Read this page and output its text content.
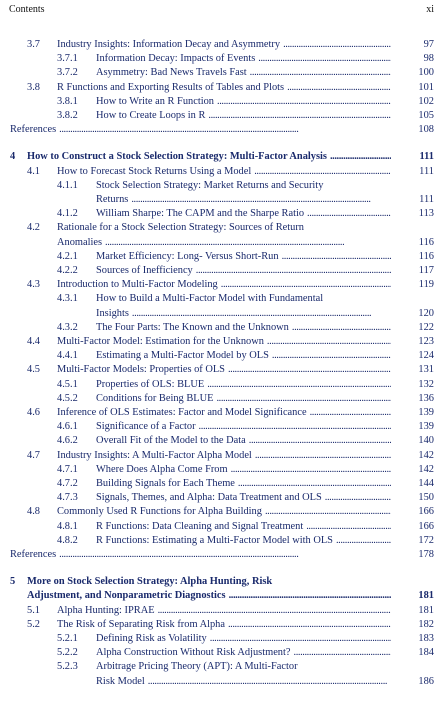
Contents	xi
3.7 Industry Insights: Information Decay and Asymmetry . . .	97
3.7.1 Information Decay: Impacts of Events . . .	98
3.7.2 Asymmetry: Bad News Travels Fast . . .	100
3.8 R Functions and Exporting Results of Tables and Plots . . .	101
3.8.1 How to Write an R Function . . .	102
3.8.2 How to Create Loops in R . . .	105
References . . .	108
4 How to Construct a Stock Selection Strategy: Multi-Factor Analysis . . .	111
4.1 How to Forecast Stock Returns Using a Model . . .	111
4.1.1 Stock Selection Strategy: Market Returns and Security
Returns . . .	111
4.1.2 William Sharpe: The CAPM and the Sharpe Ratio . . .	113
4.2 Rationale for a Stock Selection Strategy: Sources of Return
Anomalies . . .	116
4.2.1 Market Efficiency: Long- Versus Short-Run . . .	116
4.2.2 Sources of Inefficiency . . .	117
4.3 Introduction to Multi-Factor Modeling . . .	119
4.3.1 How to Build a Multi-Factor Model with Fundamental
Insights . . .	120
4.3.2 The Four Parts: The Known and the Unknown . . .	122
4.4 Multi-Factor Model: Estimation for the Unknown . . .	123
4.4.1 Estimating a Multi-Factor Model by OLS . . .	124
4.5 Multi-Factor Models: Properties of OLS . . .	131
4.5.1 Properties of OLS: BLUE . . .	132
4.5.2 Conditions for Being BLUE . . .	136
4.6 Inference of OLS Estimates: Factor and Model Significance . . .	139
4.6.1 Significance of a Factor . . .	139
4.6.2 Overall Fit of the Model to the Data . . .	140
4.7 Industry Insights: A Multi-Factor Alpha Model . . .	142
4.7.1 Where Does Alpha Come From . . .	142
4.7.2 Building Signals for Each Theme . . .	144
4.7.3 Signals, Themes, and Alpha: Data Treatment and OLS . . .	150
4.8 Commonly Used R Functions for Alpha Building . . .	166
4.8.1 R Functions: Data Cleaning and Signal Treatment . . .	166
4.8.2 R Functions: Estimating a Multi-Factor Model with OLS . . .	172
References . . .	178
5 More on Stock Selection Strategy: Alpha Hunting, Risk
Adjustment, and Nonparametric Diagnostics . . .	181
5.1 Alpha Hunting: IPRAE . . .	181
5.2 The Risk of Separating Risk from Alpha . . .	182
5.2.1 Defining Risk as Volatility . . .	183
5.2.2 Alpha Construction Without Risk Adjustment? . . .	184
5.2.3 Arbitrage Pricing Theory (APT): A Multi-Factor
Risk Model . . .	186
